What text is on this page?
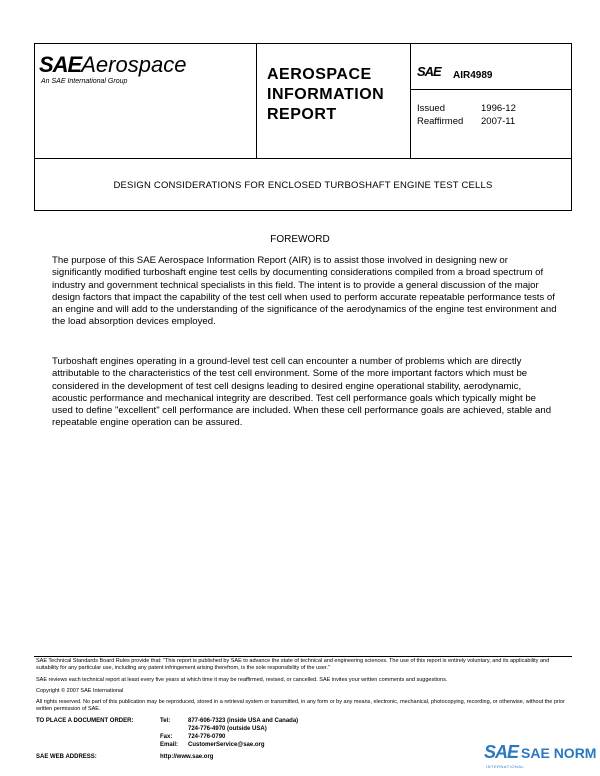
SAEAerospace
An SAE International Group	AEROSPACE
INFORMATION
REPORT
SAE AIR4989
Issued	1996-12
Reaffirmed 2007-11
DESIGN CONSIDERATIONS FOR ENCLOSED TURBOSHAFT ENGINE TEST CELLS
FOREWORD
The purpose of this SAE Aerospace Information Report (AIR) is to assist those involved in designing new or significantly modified turboshaft engine test cells by documenting considerations compiled from a broad spectrum of industry and government technical specialists in this field. The intent is to provide a general discussion of the major design factors that impact the capability of the test cell when used to perform accurate repeatable performance tests of an engine and will add to the understanding of the significance of the aerodynamics of the engine test environment and the load absorption devices employed.
Turboshaft engines operating in a ground-level test cell can encounter a number of problems which are directly attributable to the characteristics of the test cell environment. Some of the more important factors which must be considered in the development of test cell designs leading to desired engine operational stability, aerodynamic, acoustic performance and mechanical integrity are described. Test cell performance goals which typically might be used to define "excellent" cell performance are included. When these cell performance goals are achieved, stable and repeatable engine operation can be assured.
SAE Technical Standards Board Rules provide that: "This report is published by SAE to advance the state of technical and engineering sciences. The use of this report is entirely voluntary, and its applicability and suitability for any particular use, including any patent infringement arising therefrom, is the sole responsibility of the user."
SAE reviews each technical report at least every five years at which time it may be reaffirmed, revised, or cancelled. SAE invites your written comments and suggestions.
Copyright © 2007 SAE International
All rights reserved. No part of this publication may be reproduced, stored in a retrieval system or transmitted, in any form or by any means, electronic, mechanical, photocopying, recording, or otherwise, without the prior written permission of SAE.
TO PLACE A DOCUMENT ORDER:	Tel:	877-606-7323 (inside USA and Canada)
724-776-4970 (outside USA)
Fax:	724-776-0790
Email: CustomerService@sae.org
SAE WEB ADDRESS:	http://www.sae.org	SAE SAE NORM
INTERNATIONAL
